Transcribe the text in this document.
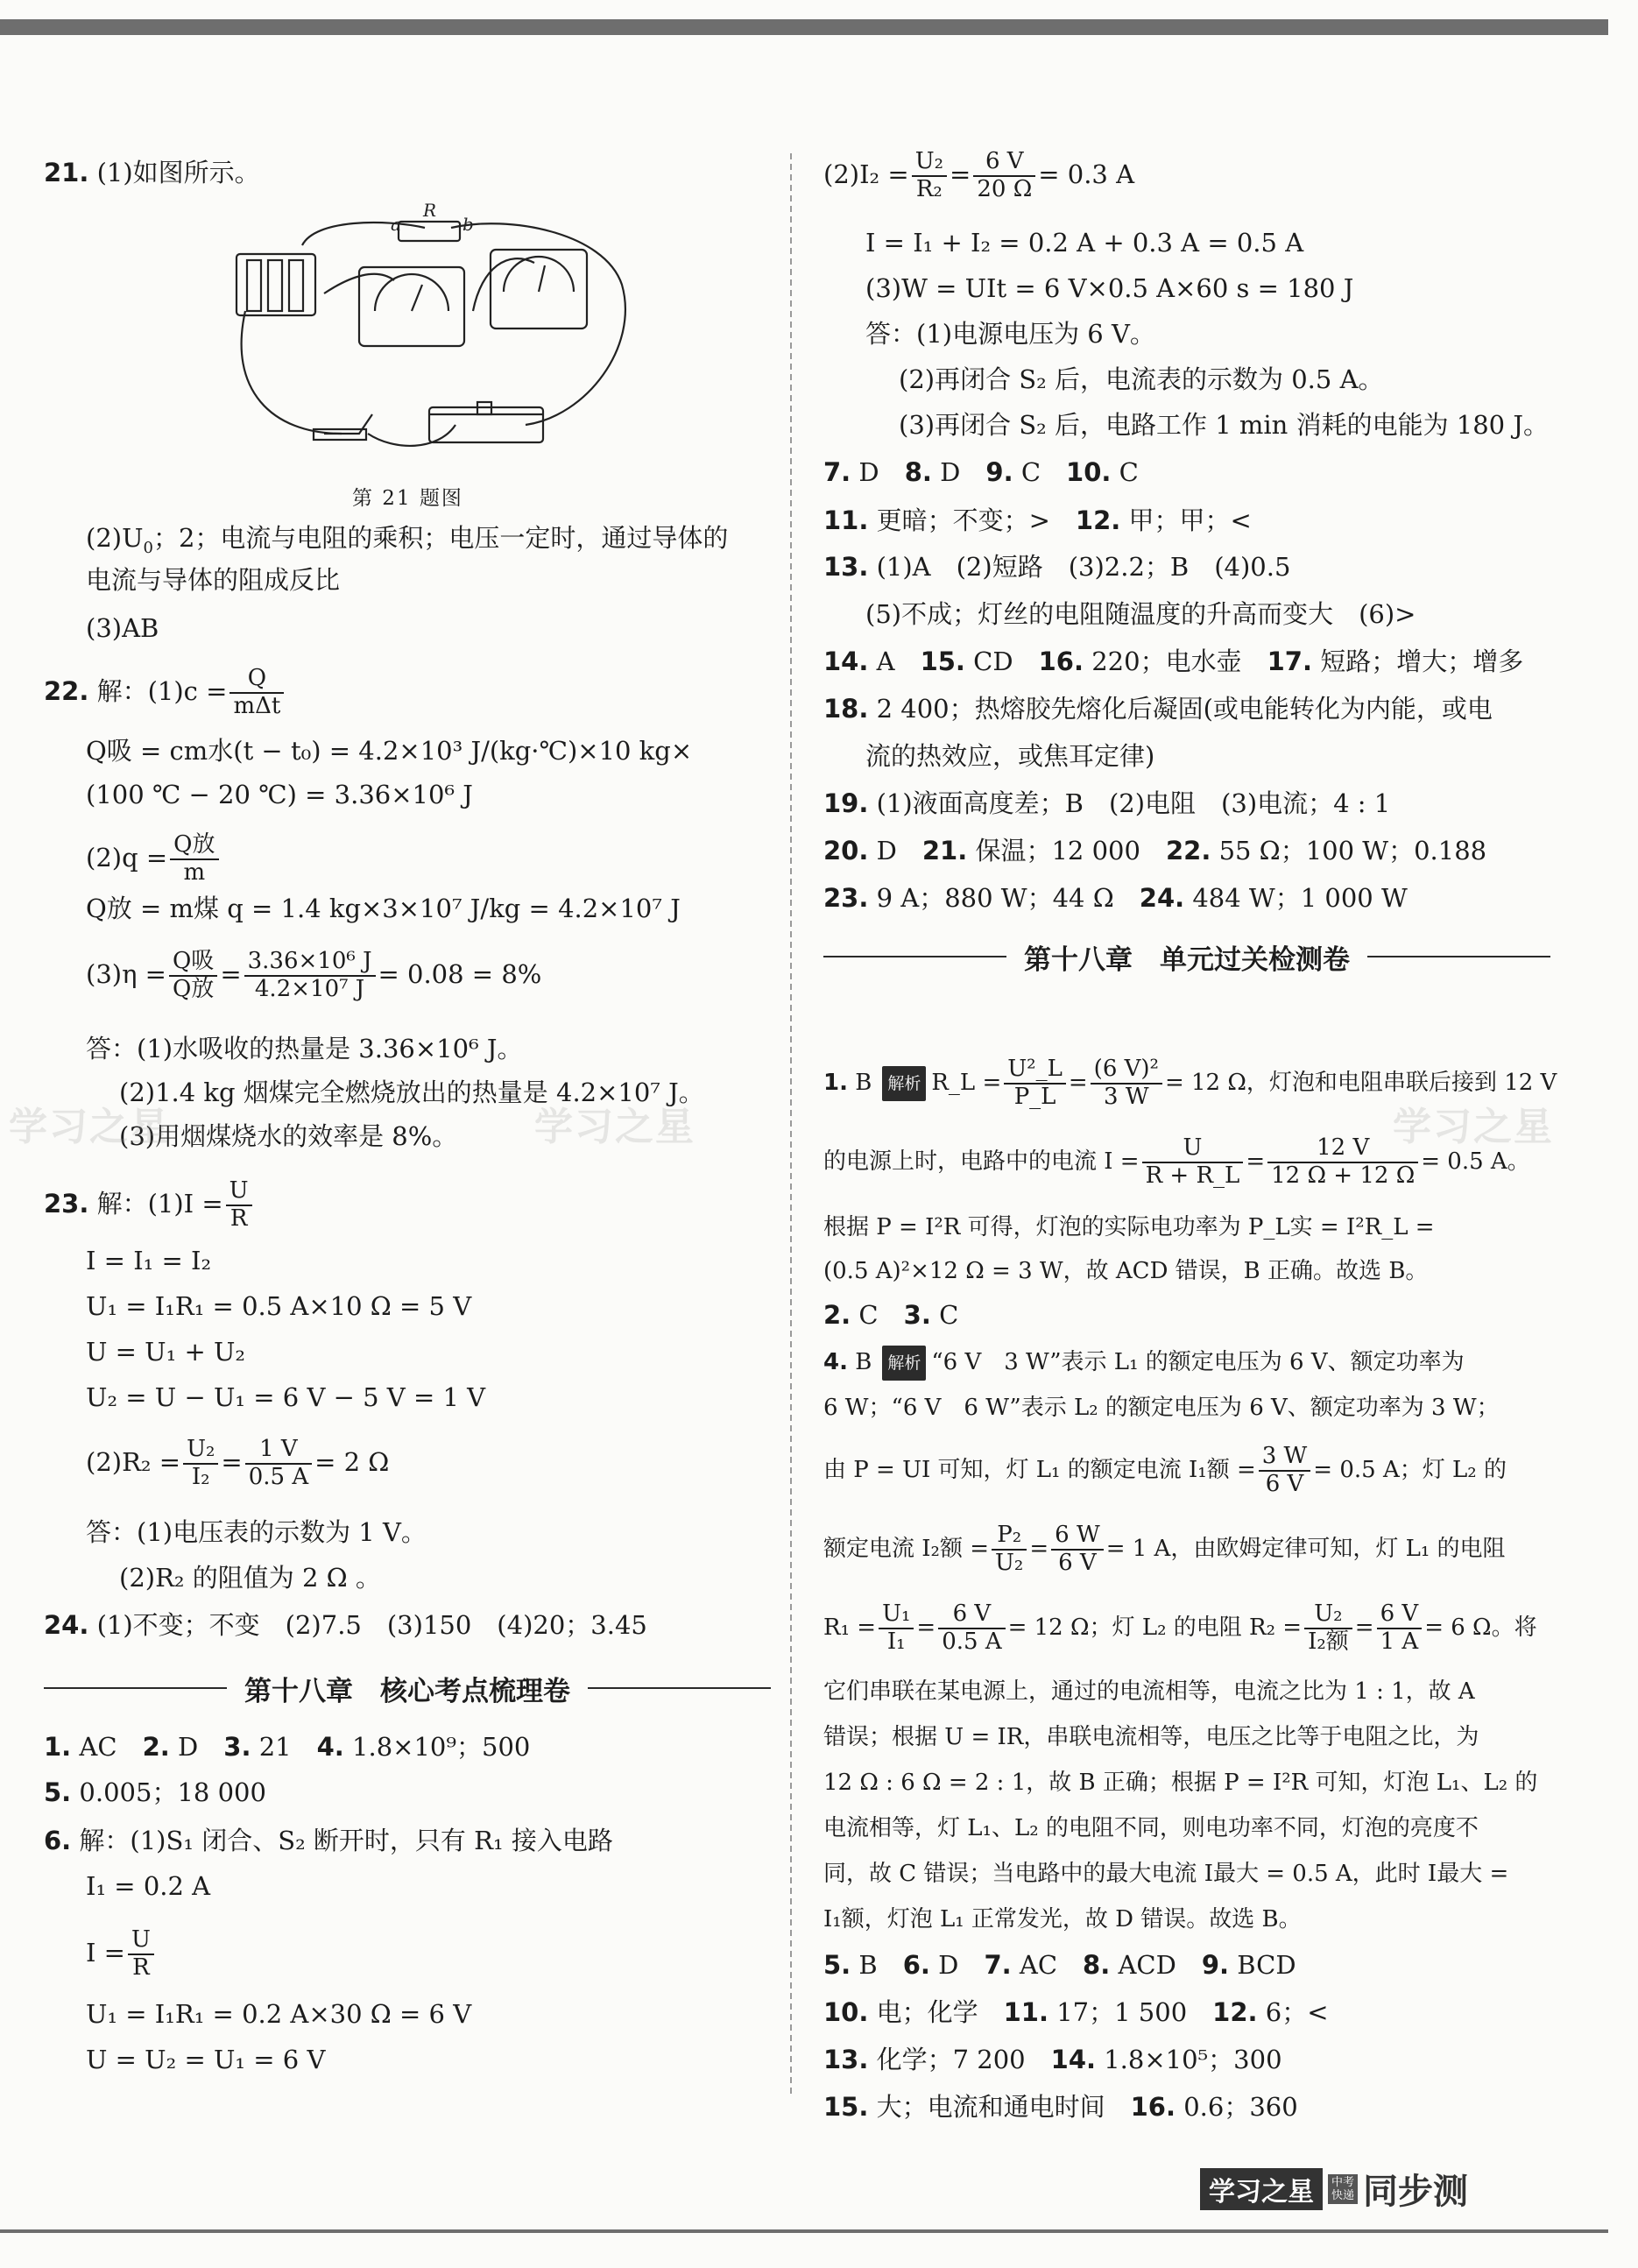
21. (1)如图所示。
a
R
b
第 21 题图
$(2)U_0$；2；电流与电阻的乘积；电压一定时，通过导体的
电流与导体的阻成反比
(3)AB
22. 解：$(1)c = \frac{Q}{\text{mΔt}}$
Q吸 = cm水(t − t₀) = 4.2×10³ J/(kg·℃)×10 kg×
(100 ℃ − 20 ℃) = 3.36×10⁶ J
$(2)q = \frac{\text{Q放}}{m}$
Q放 = m煤 q = 1.4 kg×3×10⁷ J/kg = 4.2×10⁷ J
$(3)\eta = \frac{\text{Q吸}}{\text{Q放}} = \frac{\text{3.36×10⁶ J}}{\text{4.2×10⁷ J}} = 0.08 = 8\%$
答：(1)水吸收的热量是 3.36×10⁶ J。
(2)1.4 kg 烟煤完全燃烧放出的热量是 4.2×10⁷ J。
(3)用烟煤烧水的效率是 8%。
23. 解：$(1)I = \frac{U}{R}$
I = I₁ = I₂
U₁ = I₁R₁ = 0.5 A×10 Ω = 5 V
U = U₁ + U₂
U₂ = U − U₁ = 6 V − 5 V = 1 V
$(2)R_2 = \frac{\text{U₂}}{\text{I₂}} = \frac{1 V}{0.5 A} = 2$ Ω
答：(1)电压表的示数为 1 V。
(2)R₂ 的阻值为 2 Ω 。
24. (1)不变；不变　(2)7.5　(3)150　(4)20；3.45
第十八章　核心考点梳理卷
1. AC　 2. D　 3. 21　 4. 1.8×10⁹；500
5. 0.005；18 000
6. 解：(1)S₁ 闭合、S₂ 断开时，只有 R₁ 接入电路
I₁ = 0.2 A
$I = \frac{U}{R}$
U₁ = I₁R₁ = 0.2 A×30 Ω = 6 V
U = U₂ = U₁ = 6 V
学习之星	学习之星	学习之星
$(2)I_2 = \frac{\text{U₂}}{\text{R₂}} = \frac{6 V}{20 \Omega} = 0.3$ A
I = I₁ + I₂ = 0.2 A + 0.3 A = 0.5 A
(3)W = UIt = 6 V×0.5 A×60 s = 180 J
答：(1)电源电压为 6 V。
(2)再闭合 S₂ 后，电流表的示数为 0.5 A。
(3)再闭合 S₂ 后，电路工作 1 min 消耗的电能为 180 J。
7. D　 8. D　 9. C　 10. C
11. 更暗；不变；>　 12. 甲；甲；<
13. (1)A　(2)短路　(3)2.2；B　(4)0.5
(5)不成；灯丝的电阻随温度的升高而变大　(6)>
14. A　 15. CD　 16. 220；电水壶　 17. 短路；增大；增多
18. 2 400；热熔胶先熔化后凝固(或电能转化为内能，或电
流的热效应，或焦耳定律)
19. (1)液面高度差；B　(2)电阻　(3)电流；4 : 1
20. D　 21. 保温；12 000　 22. 55 Ω；100 W；0.188
23. 9 A；880 W；44 Ω　 24. 484 W；1 000 W
第十八章　单元过关检测卷
1. B 解析 R_L = $\frac{\text{U²\_L}}{P\_L} = \frac{\text{(6 V)²}}{3 W} = 12$ Ω，灯泡和电阻串联后接到 12 V
的电源上时，电路中的电流 $I = \frac{U}{R + R\_L} = \frac{12 V}{12 \Omega + 12 \Omega} = 0.5$ A。
根据 P = I²R 可得，灯泡的实际电功率为 P_L实 = I²R_L =
(0.5 A)²×12 Ω = 3 W，故 ACD 错误，B 正确。故选 B。
2. C　 3. C
4. B 解析 “6 V　3 W”表示 L₁ 的额定电压为 6 V、额定功率为
6 W；“6 V　6 W”表示 L₂ 的额定电压为 6 V、额定功率为 3 W；
由 P = UI 可知，灯 L₁ 的额定电流 I₁额 = $\frac{3 W}{6 V} = 0.5$ A；灯 L₂ 的
额定电流 I₂额 = $\frac{\text{P₂}}{\text{U₂}} = \frac{6 W}{6 V} = 1$ A，由欧姆定律可知，灯 L₁ 的电阻
$R_1 = \frac{\text{U₁}}{\text{I₁}} = \frac{6 V}{0.5 A} = 12$ Ω；灯 L₂ 的电阻 $R_2 = \frac{\text{U₂}}{\text{I₂额}} = \frac{6 V}{1 A} = 6$ Ω。将
它们串联在某电源上，通过的电流相等，电流之比为 1 : 1，故 A
错误；根据 U = IR，串联电流相等，电压之比等于电阻之比，为
12 Ω : 6 Ω = 2 : 1，故 B 正确；根据 P = I²R 可知，灯泡 L₁、L₂ 的
电流相等，灯 L₁、L₂ 的电阻不同，则电功率不同，灯泡的亮度不
同，故 C 错误；当电路中的最大电流 I最大 = 0.5 A，此时 I最大 =
I₁额，灯泡 L₁ 正常发光，故 D 错误。故选 B。
5. B　 6. D　 7. AC　 8. ACD　 9. BCD
10. 电；化学　 11. 17；1 500　 12. 6；<
13. 化学；7 200　 14. 1.8×10⁵；300
15. 大；电流和通电时间　 16. 0.6；360
学习之星	中考
快递 同步测
